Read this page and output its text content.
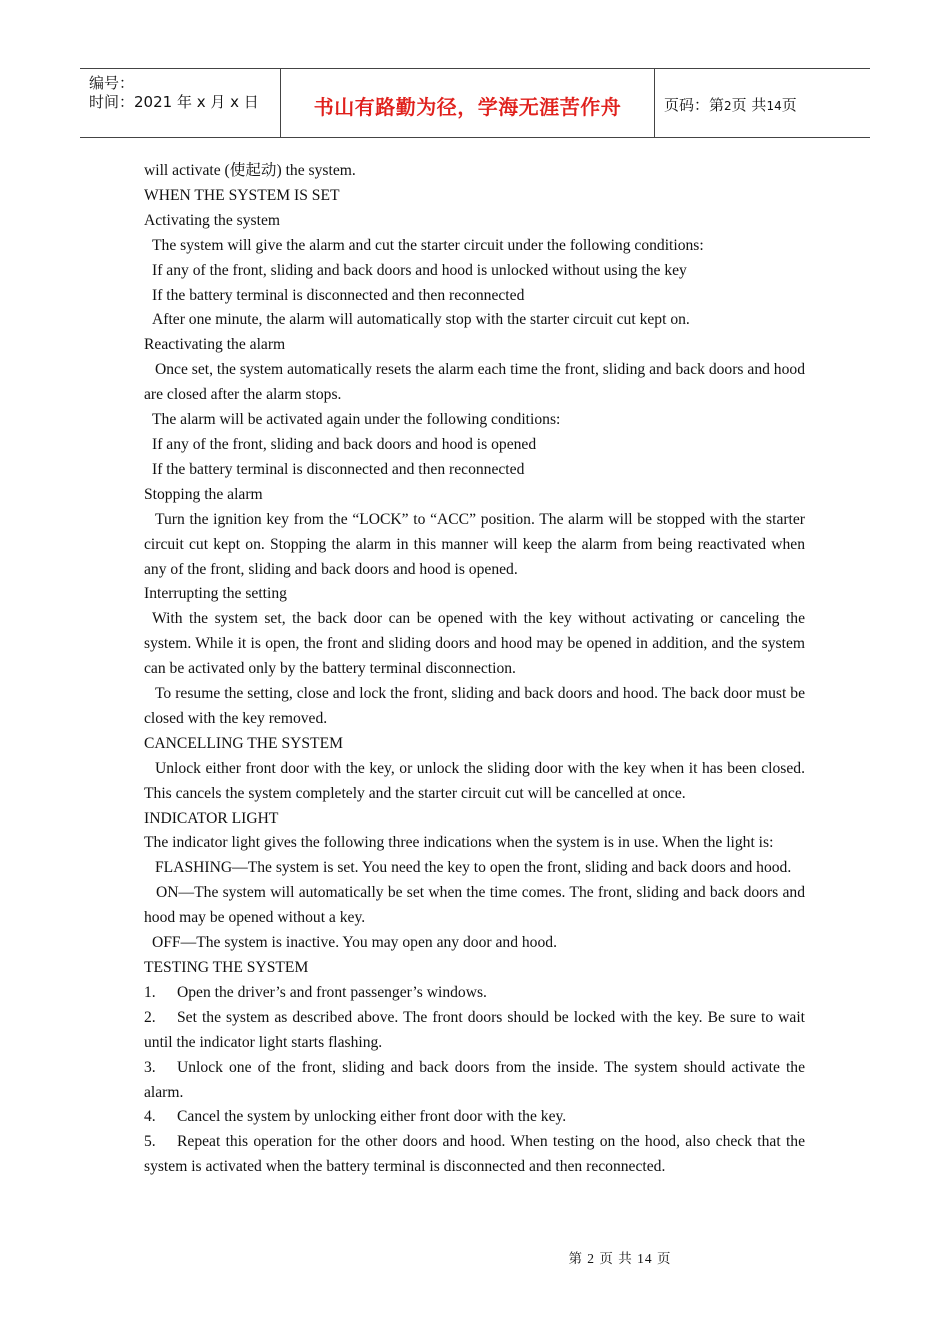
编号：
时间：2021 年 x 月 x 日	书山有路勤为径，学海无涯苦作舟	页码：第2页 共14页

will activate (使起动) the system.

WHEN THE SYSTEM IS SET

Activating the system

The system will give the alarm and cut the starter circuit under the following conditions:

If any of the front, sliding and back doors and hood is unlocked without using the key

If the battery terminal is disconnected and then reconnected

After one minute, the alarm will automatically stop with the starter circuit cut kept on.

Reactivating the alarm

Once set, the system automatically resets the alarm each time the front, sliding and back doors and hood are closed after the alarm stops.

The alarm will be activated again under the following conditions:

If any of the front, sliding and back doors and hood is opened

If the battery terminal is disconnected and then reconnected

Stopping the alarm

Turn the ignition key from the “LOCK” to “ACC” position. The alarm will be stopped with the starter circuit cut kept on. Stopping the alarm in this manner will keep the alarm from being reactivated when any of the front, sliding and back doors and hood is opened.

Interrupting the setting

With the system set, the back door can be opened with the key without activating or canceling the system. While it is open, the front and sliding doors and hood may be opened in addition, and the system can be activated only by the battery terminal disconnection.

To resume the setting, close and lock the front, sliding and back doors and hood. The back door must be closed with the key removed.

CANCELLING THE SYSTEM

Unlock either front door with the key, or unlock the sliding door with the key when it has been closed. This cancels the system completely and the starter circuit cut will be cancelled at once.

INDICATOR LIGHT

The indicator light gives the following three indications when the system is in use. When the light is:

FLASHING—The system is set. You need the key to open the front, sliding and back doors and hood.

ON—The system will automatically be set when the time comes. The front, sliding and back doors and hood may be opened without a key.

OFF—The system is inactive. You may open any door and hood.

TESTING THE SYSTEM

1. Open the driver’s and front passenger’s windows.

2. Set the system as described above. The front doors should be locked with the key. Be sure to wait until the indicator light starts flashing.

3. Unlock one of the front, sliding and back doors from the inside. The system should activate the alarm.

4. Cancel the system by unlocking either front door with the key.

5. Repeat this operation for the other doors and hood. When testing on the hood, also check that the system is activated when the battery terminal is disconnected and then reconnected.

第 2 页 共 14 页
